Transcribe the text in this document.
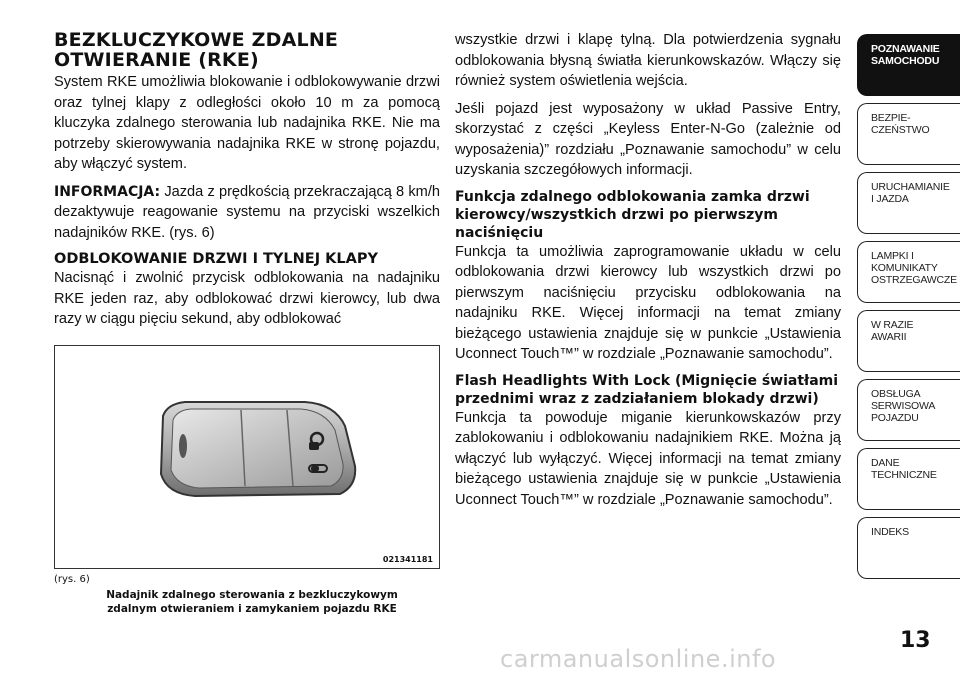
BEZKLUCZYKOWE ZDALNE
OTWIERANIE (RKE)

System RKE umożliwia blokowanie i odblokowywanie drzwi oraz tylnej klapy z odległości około 10 m za pomocą kluczyka zdalnego sterowania lub nadajnika RKE. Nie ma potrzeby skierowywania nadajnika RKE w stronę pojazdu, aby włączyć system.

INFORMACJA: Jazda z prędkością przekraczającą 8 km/h dezaktywuje reagowanie systemu na przyciski wszelkich nadajników RKE. (rys. 6)

ODBLOKOWANIE DRZWI I TYLNEJ KLAPY

Nacisnąć i zwolnić przycisk odblokowania na nadajniku RKE jeden raz, aby odblokować drzwi kierowcy, lub dwa razy w ciągu pięciu sekund, aby odblokować

021341181
(rys. 6)
Nadajnik zdalnego sterowania z bezkluczykowym
zdalnym otwieraniem i zamykaniem pojazdu RKE

wszystkie drzwi i klapę tylną. Dla potwierdzenia sygnału odblokowania błysną światła kierunkowskazów. Włączy się również system oświetlenia wejścia.

Jeśli pojazd jest wyposażony w układ Passive Entry, skorzystać z części „Keyless Enter-N-Go (zależnie od wyposażenia)” rozdziału „Poznawanie samochodu” w celu uzyskania szczegółowych informacji.

Funkcja zdalnego odblokowania zamka drzwi kierowcy/wszystkich drzwi po pierwszym naciśnięciu

Funkcja ta umożliwia zaprogramowanie układu w celu odblokowania drzwi kierowcy lub wszystkich drzwi po pierwszym naciśnięciu przycisku odblokowania na nadajniku RKE. Więcej informacji na temat zmiany bieżącego ustawienia znajduje się w punkcie „Ustawienia Uconnect Touch™” w rozdziale „Poznawanie samochodu”.

Flash Headlights With Lock (Mignięcie światłami przednimi wraz z zadziałaniem blokady drzwi)

Funkcja ta powoduje miganie kierunkowskazów przy zablokowaniu i odblokowaniu nadajnikiem RKE. Można ją włączyć lub wyłączyć. Więcej informacji na temat zmiany bieżącego ustawienia znajduje się w punkcie „Ustawienia Uconnect Touch™” w rozdziale „Poznawanie samochodu”.

POZNAWANIE
SAMOCHODU
BEZPIE-
CZEŃSTWO
URUCHAMIANIE
I JAZDA
LAMPKI I
KOMUNIKATY
OSTRZEGAWCZE
W RAZIE
AWARII
OBSŁUGA
SERWISOWA
POJAZDU
DANE
TECHNICZNE
INDEKS
13
carmanualsonline.info
